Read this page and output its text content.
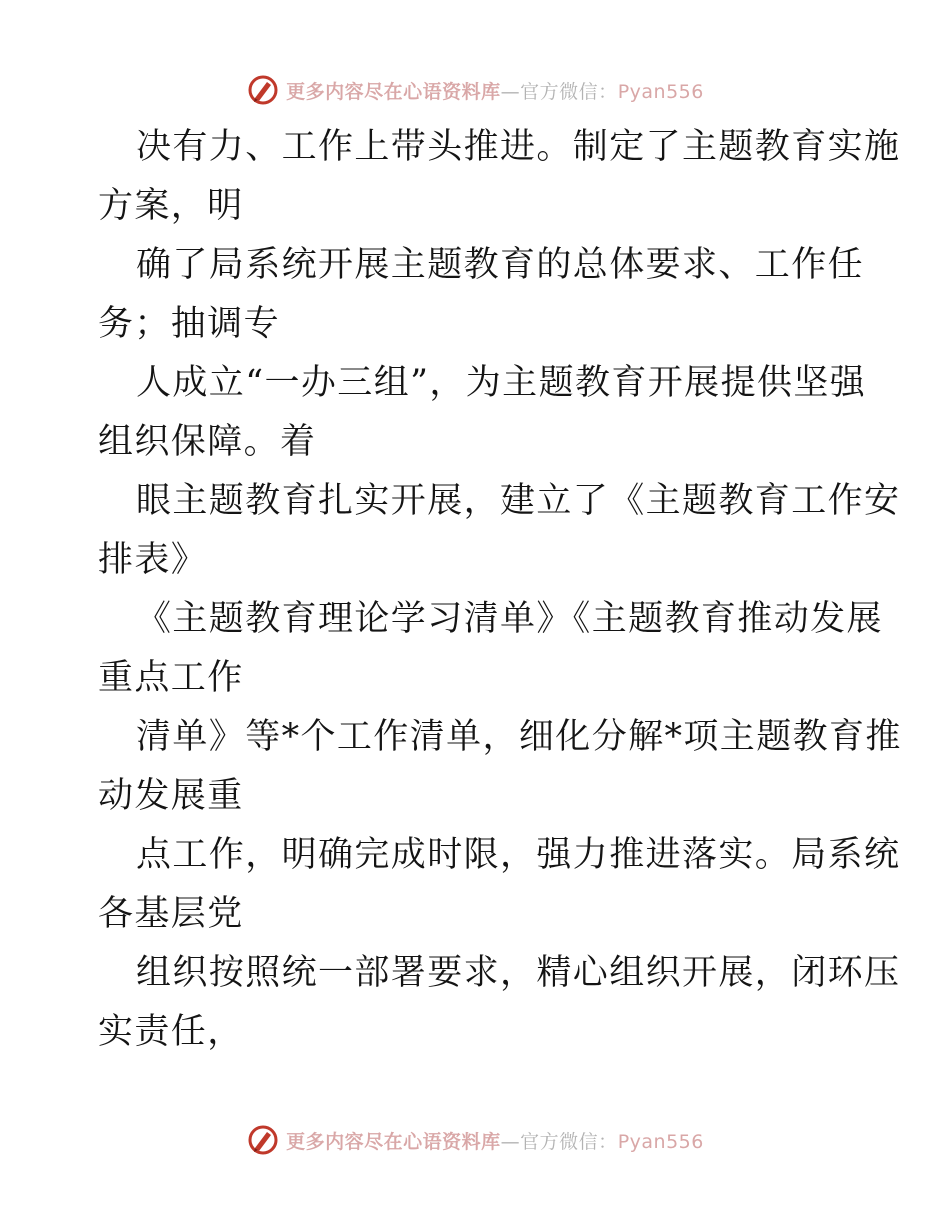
更多内容尽在心语资料库—官方微信：Pyan556

决有力、工作上带头推进。制定了主题教育实施
方案，明

确了局系统开展主题教育的总体要求、工作任
务；抽调专

人成立“一办三组”，为主题教育开展提供坚强
组织保障。着

眼主题教育扎实开展，建立了《主题教育工作安
排表》

《主题教育理论学习清单》《主题教育推动发展
重点工作

清单》等*个工作清单，细化分解*项主题教育推
动发展重

点工作，明确完成时限，强力推进落实。局系统
各基层党

组织按照统一部署要求，精心组织开展，闭环压
实责任，

更多内容尽在心语资料库—官方微信：Pyan556
